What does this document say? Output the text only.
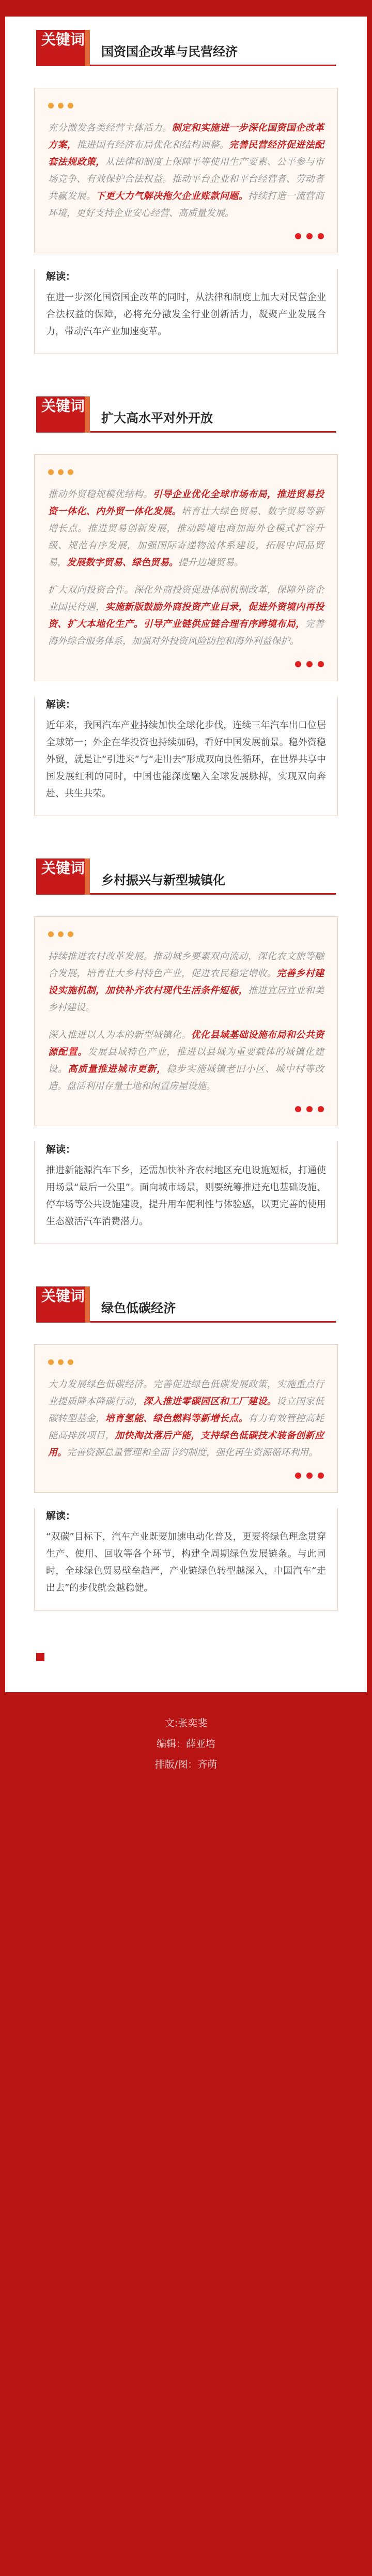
关键词
国资国企改革与民营经济

充分激发各类经营主体活力。制定和实施进一步深化国资国企改革方案，推进国有经济布局优化和结构调整。完善民营经济促进法配套法规政策，从法律和制度上保障平等使用生产要素、公平参与市场竞争、有效保护合法权益。推动平台企业和平台经营者、劳动者共赢发展。下更大力气解决拖欠企业账款问题。持续打造一流营商环境，更好支持企业安心经营、高质量发展。

解读：
在进一步深化国资国企改革的同时，从法律和制度上加大对民营企业合法权益的保障，必将充分激发全行业创新活力，凝聚产业发展合力，带动汽车产业加速变革。
关键词
扩大高水平对外开放

推动外贸稳规模优结构。引导企业优化全球市场布局，推进贸易投资一体化、内外贸一体化发展。培育壮大绿色贸易、数字贸易等新增长点。推进贸易创新发展，推动跨境电商加海外仓模式扩容升级、规范有序发展，加强国际寄递物流体系建设，拓展中间品贸易，发展数字贸易、绿色贸易。提升边境贸易。

扩大双向投资合作。深化外商投资促进体制机制改革，保障外资企业国民待遇，实施新版鼓励外商投资产业目录，促进外资境内再投资、扩大本地化生产。引导产业链供应链合理有序跨境布局，完善海外综合服务体系，加强对外投资风险防控和海外利益保护。

解读：
近年来，我国汽车产业持续加快全球化步伐，连续三年汽车出口位居全球第一；外企在华投资也持续加码，看好中国发展前景。稳外资稳外贸，就是让“引进来”与“走出去”形成双向良性循环，在世界共享中国发展红利的同时，中国也能深度融入全球发展脉搏，实现双向奔赴、共生共荣。
关键词
乡村振兴与新型城镇化

持续推进农村改革发展。推动城乡要素双向流动，深化农文旅等融合发展，培育壮大乡村特色产业，促进农民稳定增收。完善乡村建设实施机制，加快补齐农村现代生活条件短板，推进宜居宜业和美乡村建设。

深入推进以人为本的新型城镇化。优化县域基础设施布局和公共资源配置。发展县域特色产业，推进以县城为重要载体的城镇化建设。高质量推进城市更新，稳步实施城镇老旧小区、城中村等改造。盘活利用存量土地和闲置房屋设施。

解读：
推进新能源汽车下乡，还需加快补齐农村地区充电设施短板，打通使用场景“最后一公里”。面向城市场景，则要统筹推进充电基础设施、停车场等公共设施建设，提升用车便利性与体验感，以更完善的使用生态激活汽车消费潜力。
关键词
绿色低碳经济

大力发展绿色低碳经济。完善促进绿色低碳发展政策，实施重点行业提质降本降碳行动，深入推进零碳园区和工厂建设。设立国家低碳转型基金，培育氢能、绿色燃料等新增长点。有力有效管控高耗能高排放项目，加快淘汰落后产能，支持绿色低碳技术装备创新应用。完善资源总量管理和全面节约制度，强化再生资源循环利用。

解读：
“双碳”目标下，汽车产业既要加速电动化普及，更要将绿色理念贯穿生产、使用、回收等各个环节，构建全周期绿色发展链条。与此同时，全球绿色贸易壁垒趋严，产业链绿色转型越深入，中国汽车“走出去”的步伐就会越稳健。
文:张奕斐
编辑：薛亚培
排版/图：齐萌
